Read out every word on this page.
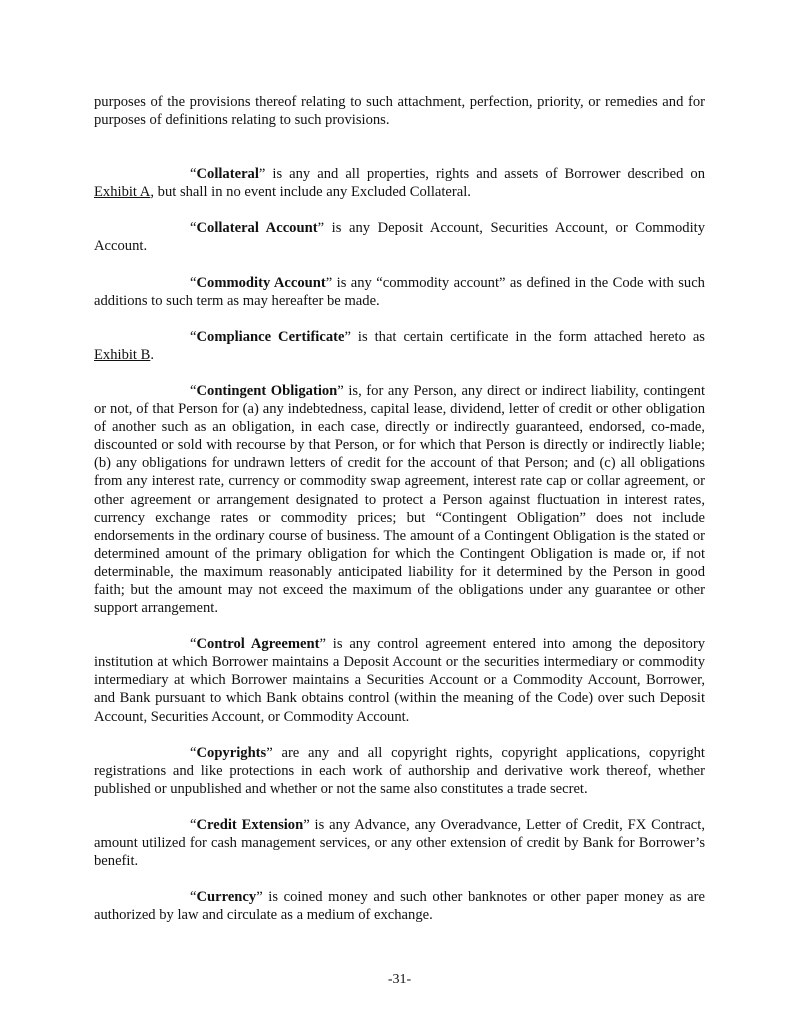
purposes of the provisions thereof relating to such attachment, perfection, priority, or remedies and for purposes of definitions relating to such provisions.

“Collateral” is any and all properties, rights and assets of Borrower described on Exhibit A, but shall in no event include any Excluded Collateral.

“Collateral Account” is any Deposit Account, Securities Account, or Commodity Account.

“Commodity Account” is any “commodity account” as defined in the Code with such additions to such term as may hereafter be made.

“Compliance Certificate” is that certain certificate in the form attached hereto as Exhibit B.

“Contingent Obligation” is, for any Person, any direct or indirect liability, contingent or not, of that Person for (a) any indebtedness, capital lease, dividend, letter of credit or other obligation of another such as an obligation, in each case, directly or indirectly guaranteed, endorsed, co-made, discounted or sold with recourse by that Person, or for which that Person is directly or indirectly liable; (b) any obligations for undrawn letters of credit for the account of that Person; and (c) all obligations from any interest rate, currency or commodity swap agreement, interest rate cap or collar agreement, or other agreement or arrangement designated to protect a Person against fluctuation in interest rates, currency exchange rates or commodity prices; but “Contingent Obligation” does not include endorsements in the ordinary course of business. The amount of a Contingent Obligation is the stated or determined amount of the primary obligation for which the Contingent Obligation is made or, if not determinable, the maximum reasonably anticipated liability for it determined by the Person in good faith; but the amount may not exceed the maximum of the obligations under any guarantee or other support arrangement.

“Control Agreement” is any control agreement entered into among the depository institution at which Borrower maintains a Deposit Account or the securities intermediary or commodity intermediary at which Borrower maintains a Securities Account or a Commodity Account, Borrower, and Bank pursuant to which Bank obtains control (within the meaning of the Code) over such Deposit Account, Securities Account, or Commodity Account.

“Copyrights” are any and all copyright rights, copyright applications, copyright registrations and like protections in each work of authorship and derivative work thereof, whether published or unpublished and whether or not the same also constitutes a trade secret.

“Credit Extension” is any Advance, any Overadvance, Letter of Credit, FX Contract, amount utilized for cash management services, or any other extension of credit by Bank for Borrower’s benefit.

“Currency” is coined money and such other banknotes or other paper money as are authorized by law and circulate as a medium of exchange.

-31-
